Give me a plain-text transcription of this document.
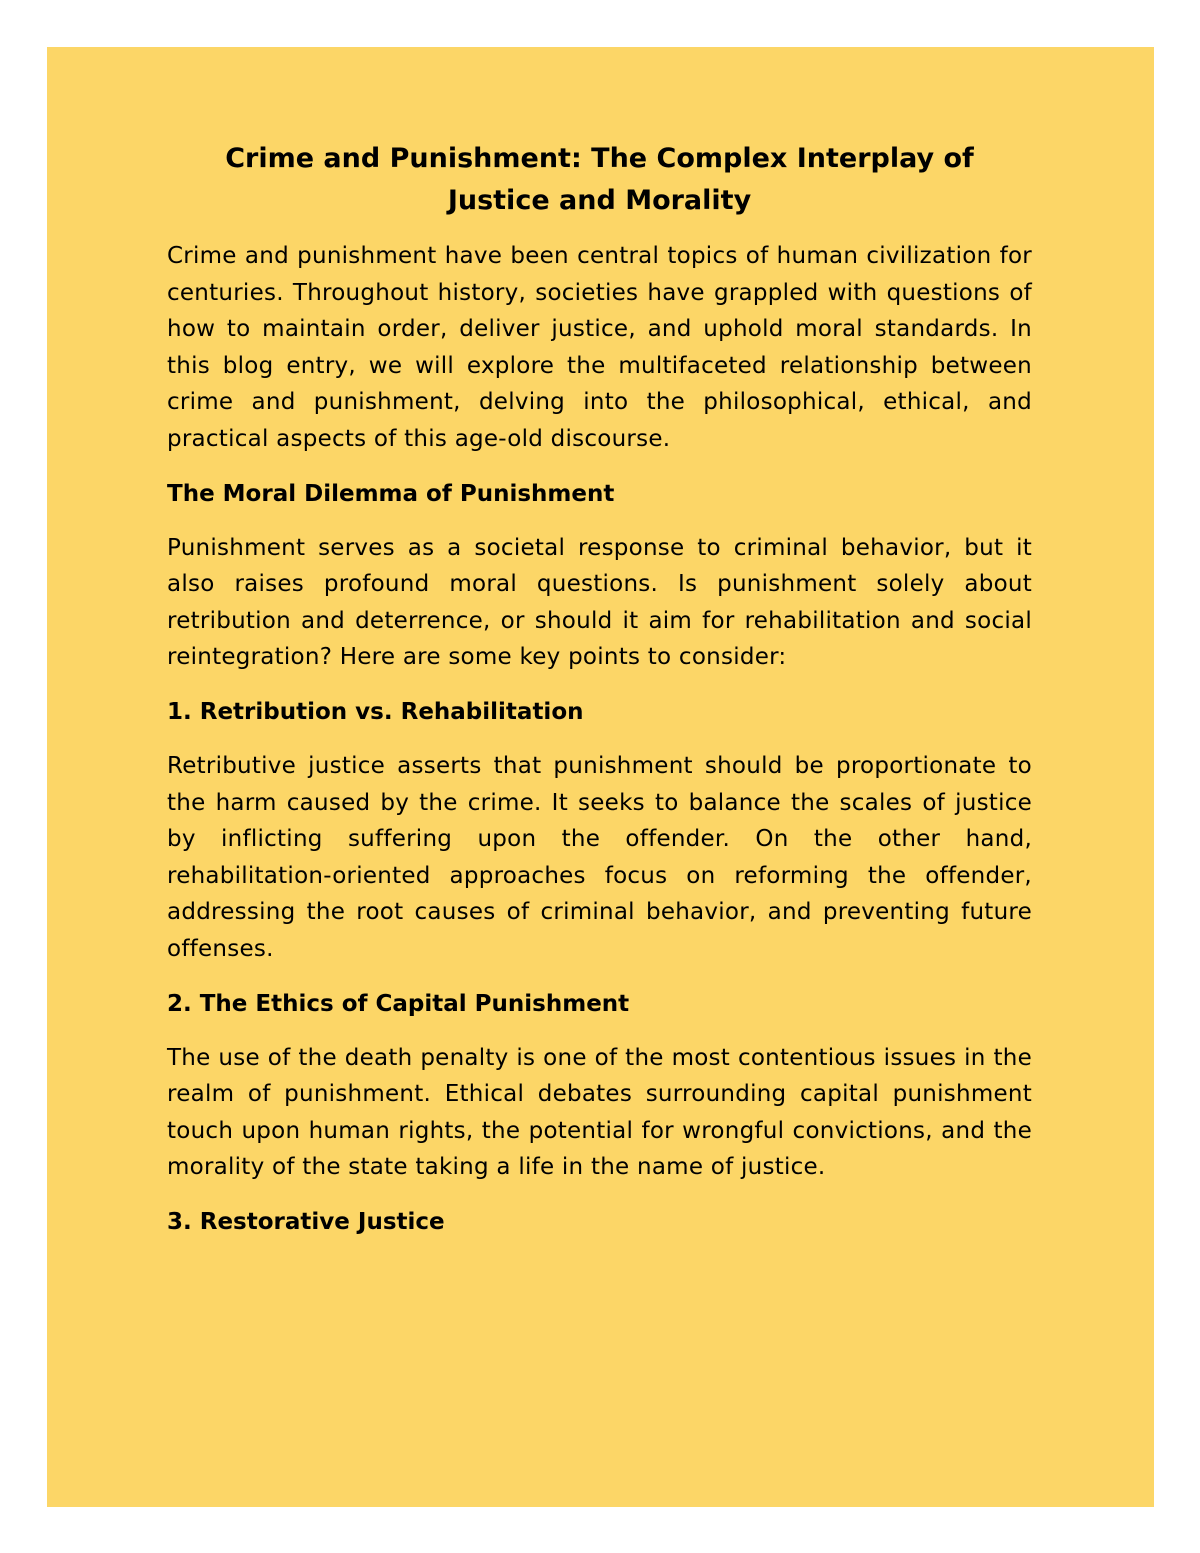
Crime and Punishment: The Complex Interplay of Justice and Morality

Crime and punishment have been central topics of human civilization for centuries. Throughout history, societies have grappled with questions of how to maintain order, deliver justice, and uphold moral standards. In this blog entry, we will explore the multifaceted relationship between crime and punishment, delving into the philosophical, ethical, and practical aspects of this age-old discourse.

The Moral Dilemma of Punishment

Punishment serves as a societal response to criminal behavior, but it also raises profound moral questions. Is punishment solely about retribution and deterrence, or should it aim for rehabilitation and social reintegration? Here are some key points to consider:

1. Retribution vs. Rehabilitation

Retributive justice asserts that punishment should be proportionate to the harm caused by the crime. It seeks to balance the scales of justice by inflicting suffering upon the offender. On the other hand, rehabilitation-oriented approaches focus on reforming the offender, addressing the root causes of criminal behavior, and preventing future offenses.

2. The Ethics of Capital Punishment

The use of the death penalty is one of the most contentious issues in the realm of punishment. Ethical debates surrounding capital punishment touch upon human rights, the potential for wrongful convictions, and the morality of the state taking a life in the name of justice.

3. Restorative Justice
